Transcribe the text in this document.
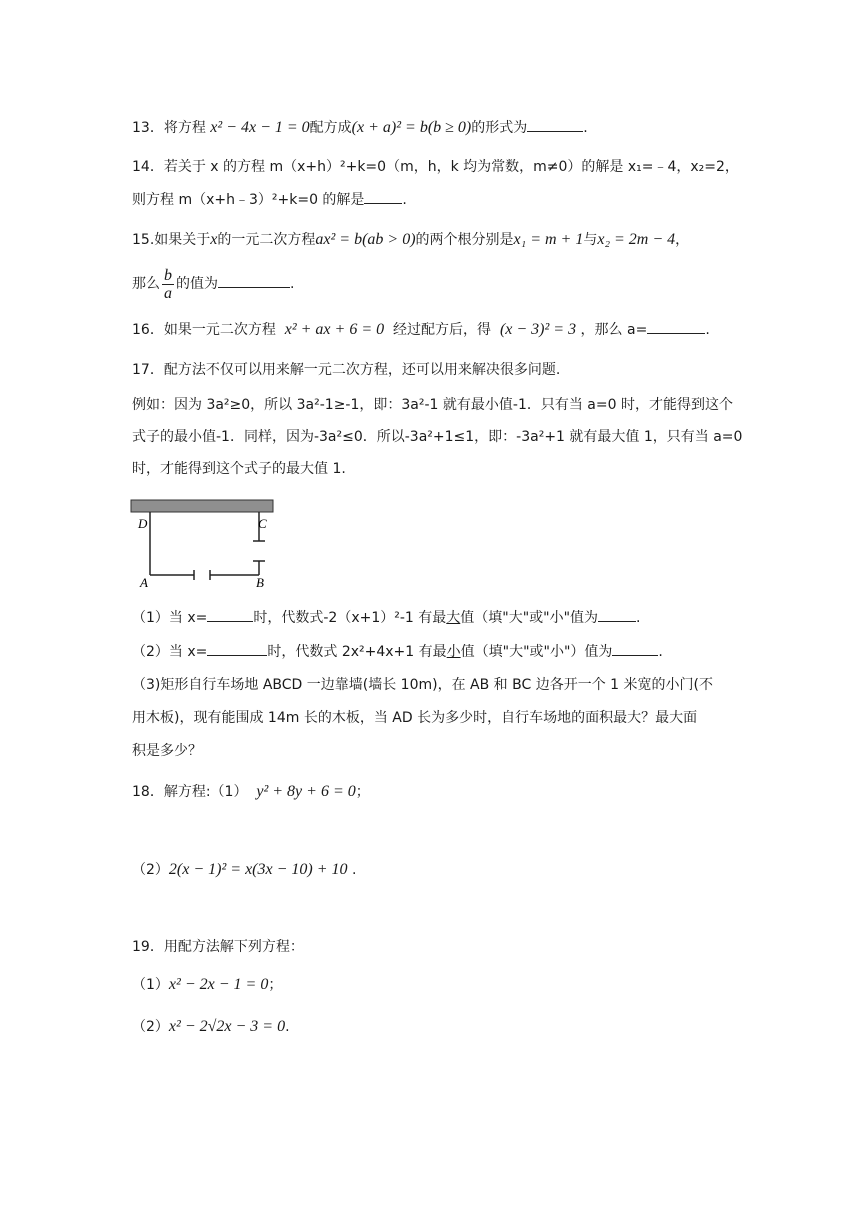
13．将方程 x² − 4x − 1 = 0配方成(x + a)² = b(b ≥ 0)的形式为	.
14．若关于 x 的方程 m（x+h）²+k=0（m，h，k 均为常数，m≠0）的解是 x₁=﹣4，x₂=2，
则方程 m（x+h﹣3）²+k=0 的解是	.
15.如果关于x的一元二次方程ax² = b(ab > 0)的两个根分别是x₁ = m + 1与x₂ = 2m − 4，
那么 $\frac{b}{a}$ 的值为	.
16．如果一元二次方程 x² + ax + 6 = 0 经过配方后，得 (x − 3)² = 3 ，那么 a=	.
17．配方法不仅可以用来解一元二次方程，还可以用来解决很多问题.
例如：因为 3a²≥0，所以 3a²-1≥-1，即：3a²-1 就有最小值-1．只有当 a=0 时，才能得到这个
式子的最小值-1．同样，因为-3a²≤0．所以-3a²+1≤1，即：-3a²+1 就有最大值 1，只有当 a=0
时，才能得到这个式子的最大值 1.
D	C
A	B
（1）当 x=	时，代数式-2（x+1）²-1 有最大值（填"大"或"小"值为	.
（2）当 x=	时，代数式 2x²+4x+1 有最小值（填"大"或"小"）值为	.
（3)矩形自行车场地 ABCD 一边靠墙(墙长 10m)，在 AB 和 BC 边各开一个 1 米宽的小门(不
用木板)，现有能围成 14m 长的木板，当 AD 长为多少时，自行车场地的面积最大？最大面
积是多少？
18．解方程:（1） y² + 8y + 6 = 0；
（2）2(x − 1)² = x(3x − 10) + 10 .
19．用配方法解下列方程：
（1）x² − 2x − 1 = 0；
（2）x² − 2√2x − 3 = 0.
